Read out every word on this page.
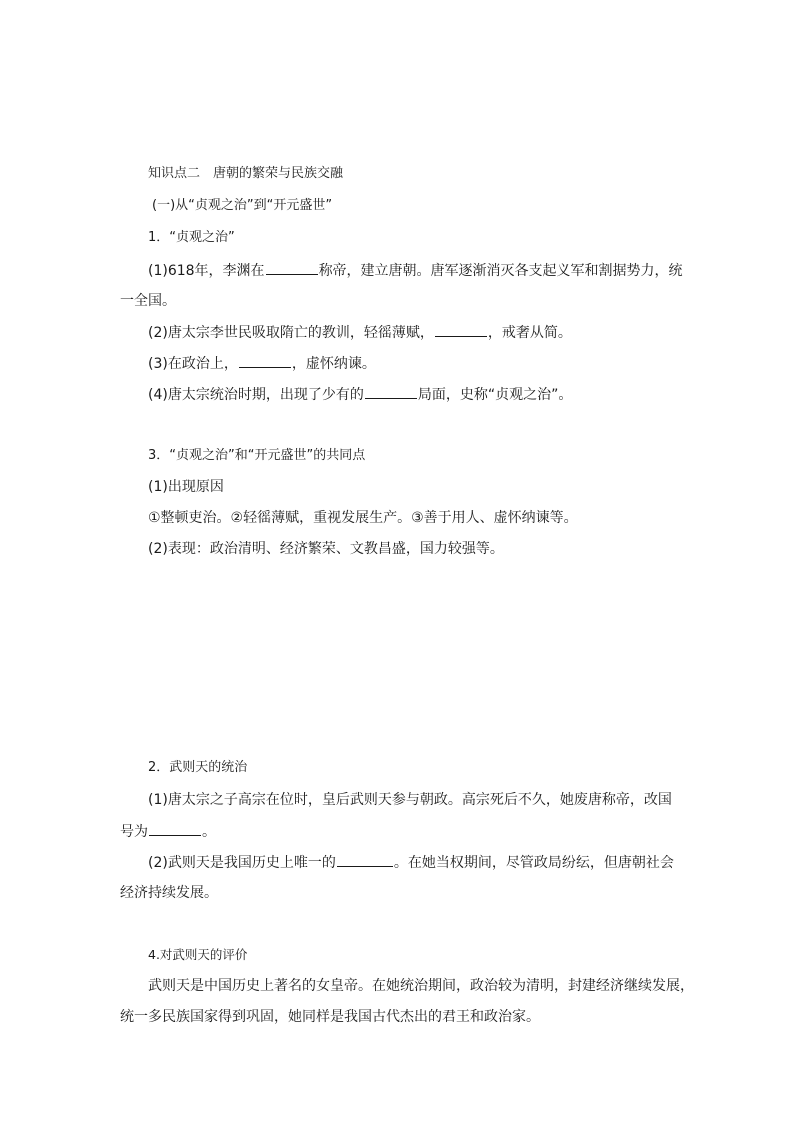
知识点二　唐朝的繁荣与民族交融
(一)从“贞观之治”到“开元盛世”
1．“贞观之治”
(1)618年，李渊在	称帝，建立唐朝。唐军逐渐消灭各支起义军和割据势力，统
一全国。
(2)唐太宗李世民吸取隋亡的教训，轻徭薄赋，	，戒奢从简。
(3)在政治上，	，虚怀纳谏。
(4)唐太宗统治时期，出现了少有的	局面，史称“贞观之治”。
3．“贞观之治”和“开元盛世”的共同点
(1)出现原因
①整顿吏治。②轻徭薄赋，重视发展生产。③善于用人、虚怀纳谏等。
(2)表现：政治清明、经济繁荣、文教昌盛，国力较强等。
2．武则天的统治
(1)唐太宗之子高宗在位时，皇后武则天参与朝政。高宗死后不久，她废唐称帝，改国
号为	。
(2)武则天是我国历史上唯一的	。在她当权期间，尽管政局纷纭，但唐朝社会
经济持续发展。
4.对武则天的评价
武则天是中国历史上著名的女皇帝。在她统治期间，政治较为清明，封建经济继续发展，
统一多民族国家得到巩固，她同样是我国古代杰出的君王和政治家。
